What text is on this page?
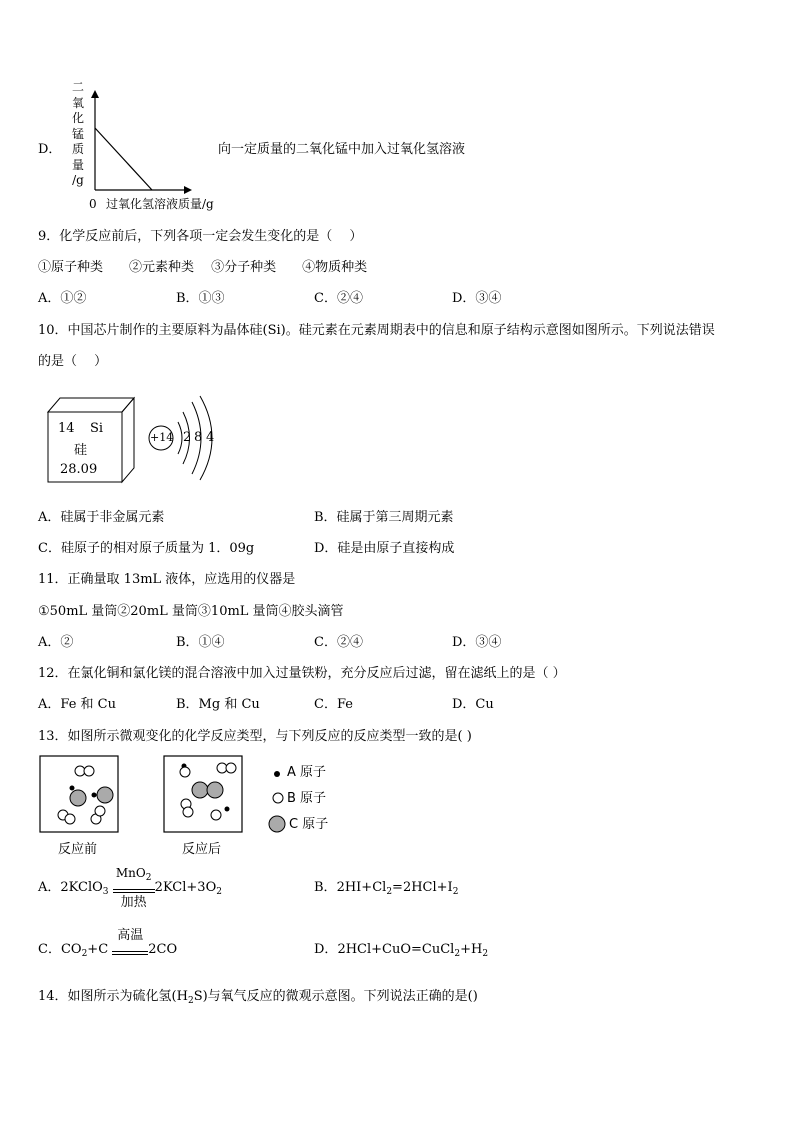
D．
二
氧
化
锰
质
量
/g
0 过氧化氢溶液质量/g
向一定质量的二氧化锰中加入过氧化氢溶液
9．化学反应前后，下列各项一定会发生变化的是（　 ）
①原子种类　　②元素种类　 ③分子种类　　④物质种类
A．①②	B．①③	C．②④	D．③④
10．中国芯片制作的主要原料为晶体硅(Si)。硅元素在元素周期表中的信息和原子结构示意图如图所示。下列说法错误
的是（　 ）
14 Si
硅
28.09
+14 2 8 4
A．硅属于非金属元素	B．硅属于第三周期元素
C．硅原子的相对原子质量为 1．09g	D．硅是由原子直接构成
11．正确量取 13mL 液体，应选用的仪器是
①50mL 量筒②20mL 量筒③10mL 量筒④胶头滴管
A．②	B．①④	C．②④	D．③④
12．在氯化铜和氯化镁的混合溶液中加入过量铁粉，充分反应后过滤，留在滤纸上的是（ ）
A．Fe 和 Cu	B．Mg 和 Cu	C．Fe	D．Cu
13．如图所示微观变化的化学反应类型，与下列反应的反应类型一致的是( )
A 原子
B 原子
C 原子
反应前	反应后
A．2KClO$_3$
MnO$_2$
加热
$2KCl+3O_2$	B．$2HI+Cl_2=2HCl+I_2$
C．$CO_2+C$
高温
2CO	D．$2HCl+CuO=CuCl_2+H_2$
14．如图所示为硫化氢$(H_2S)$与氧气反应的微观示意图。下列说法正确的是()
